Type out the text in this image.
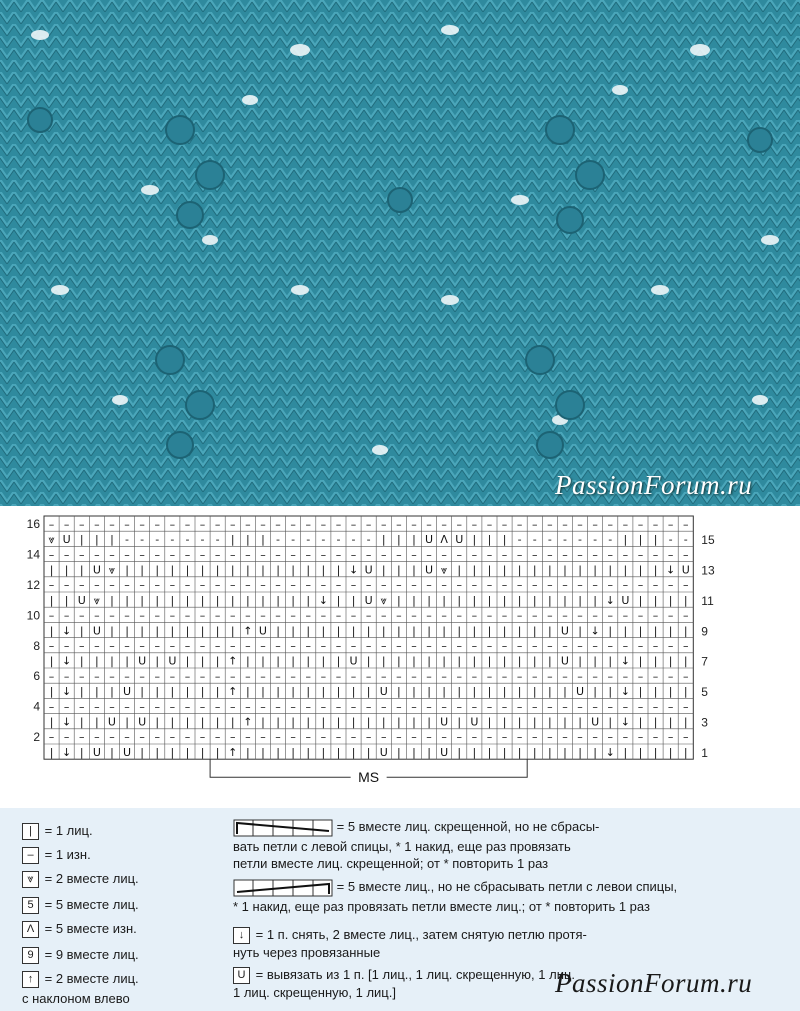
PassionForum.ru
– – – – – – – – – – – – – – – – – – – – – – – – – – – – – – – – – – – – – – – – – – –
⩔ U | | | - - - - - - - | | | - - - - - - - | | | U Λ U | | | - - - - - - - | | | - -
– – – – – – – – – – – – – – – – – – – – – – – – – – – – – – – – – – – – – – – – – – –
| | | U ⩔ | | | | | | | | | | | | | | | ↓ U | | | U ⩔ | | | | | | | | | | | | | | ↓ U
– – – – – – – – – – – – – – – – – – – – – – – – – – – – – – – – – – – – – – – – – – –
| | U ⩔ | | | | | | | | | | | | | | ↓ | | U ⩔ | | | | | | | | | | | | | | ↓ U | | | |
– – – – – – – – – – – – – – – – – – – – – – – – – – – – – – – – – – – – – – – – – – –
| ↓ | U | | | | | | | | | ↑ U | | | | | | | | | | | | | | | | | | | U | ↓ | | | | | |
– – – – – – – – – – – – – – – – – – – – – – – – – – – – – – – – – – – – – – – – – – –
| ↓ | | | | U | U | | | ↑ | | | | | | | U | | | | | | | | | | | | | U | | | ↓ | | | |
– – – – – – – – – – – – – – – – – – – – – – – – – – – – – – – – – – – – – – – – – – –
| ↓ | | | U | | | | | | ↑ | | | | | | | | | U | | | | | | | | | | | | U | | ↓ | | | |
– – – – – – – – – – – – – – – – – – – – – – – – – – – – – – – – – – – – – – – – – – –
| ↓ | | U | U | | | | | | ↑ | | | | | | | | | | | | U | U | | | | | | | U | ↓ | | | |
– – – – – – – – – – – – – – – – – – – – – – – – – – – – – – – – – – – – – – – – – – –
| ↓ | U | U | | | | | | ↑ | | | | | | | | | U | | | U | | | | | | | | | | ↓ | | | | |
16
14
12
10
8
6
4
2
15
13
11
9
7
5
3
1
MS
| = 1 лиц.
– = 1 изн.
⩔ = 2 вместе лиц.
5 = 5 вместе лиц.
Λ = 5 вместе изн.
9 = 9 вместе лиц.
↑ = 2 вместе лиц.
с наклоном влево
= 5 вместе лиц. скрещенной, но не сбрасы-
вать петли с левой спицы, * 1 накид, еще раз провязать
петли вместе лиц. скрещенной; от * повторить 1 раз
= 5 вместе лиц., но не сбрасывать петли с левои спицы,
* 1 накид, еще раз провязать петли вместе лиц.; от * повторить 1 раз
↓ = 1 п. снять, 2 вместе лиц., затем снятую петлю протя-
нуть через провязанные
U = вывязать из 1 п. [1 лиц., 1 лиц. скрещенную, 1 лиц.
1 лиц. скрещенную, 1 лиц.]	PassionForum.ru
